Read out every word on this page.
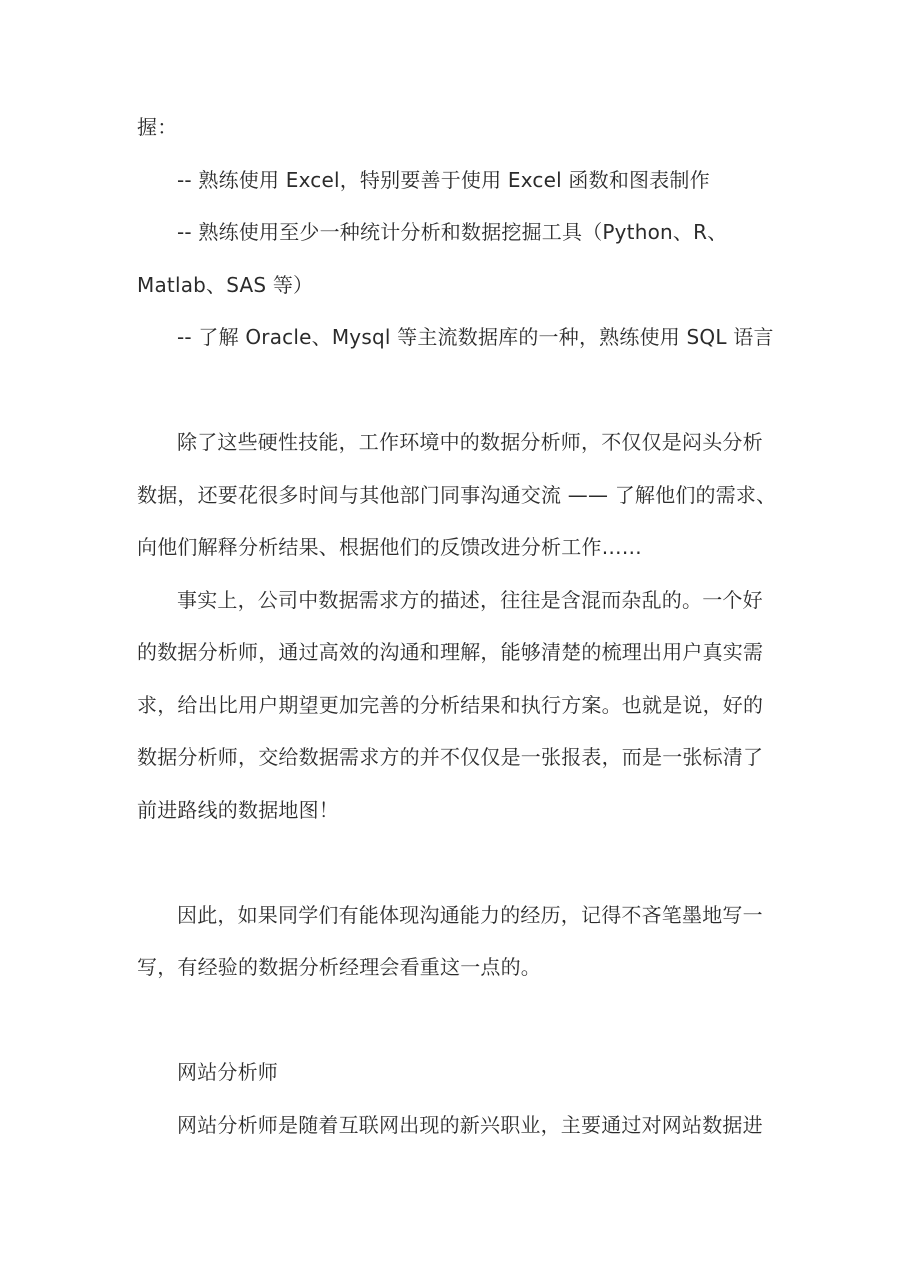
握：
-- 熟练使用 Excel，特别要善于使用 Excel 函数和图表制作
-- 熟练使用至少一种统计分析和数据挖掘工具（Python、R、
Matlab、SAS 等）
-- 了解 Oracle、Mysql 等主流数据库的一种，熟练使用 SQL 语言
除了这些硬性技能，工作环境中的数据分析师，不仅仅是闷头分析
数据，还要花很多时间与其他部门同事沟通交流 —— 了解他们的需求、
向他们解释分析结果、根据他们的反馈改进分析工作……
事实上，公司中数据需求方的描述，往往是含混而杂乱的。一个好
的数据分析师，通过高效的沟通和理解，能够清楚的梳理出用户真实需
求，给出比用户期望更加完善的分析结果和执行方案。也就是说，好的
数据分析师，交给数据需求方的并不仅仅是一张报表，而是一张标清了
前进路线的数据地图！
因此，如果同学们有能体现沟通能力的经历，记得不吝笔墨地写一
写，有经验的数据分析经理会看重这一点的。
网站分析师
网站分析师是随着互联网出现的新兴职业，主要通过对网站数据进
